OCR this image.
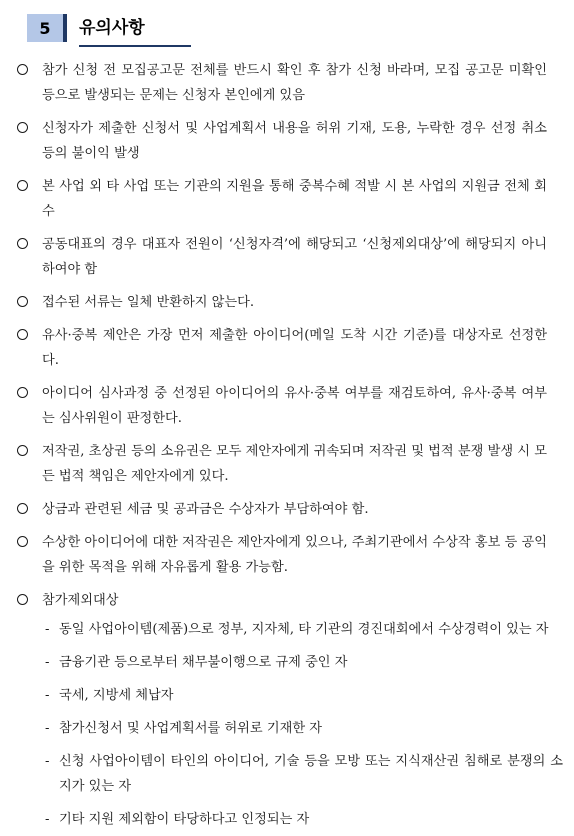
5	유의사항
참가 신청 전 모집공고문 전체를 반드시 확인 후 참가 신청 바라며, 모집 공고문 미확인 등으로 발생되는 문제는 신청자 본인에게 있음
신청자가 제출한 신청서 및 사업계획서 내용을 허위 기재, 도용, 누락한 경우 선정 취소 등의 불이익 발생
본 사업 외 타 사업 또는 기관의 지원을 통해 중복수혜 적발 시 본 사업의 지원금 전체 회수
공동대표의 경우 대표자 전원이 ‘신청자격’에 해당되고 ‘신청제외대상’에 해당되지 아니하여야 함
접수된 서류는 일체 반환하지 않는다.
유사·중복 제안은 가장 먼저 제출한 아이디어(메일 도착 시간 기준)를 대상자로 선정한다.
아이디어 심사과정 중 선정된 아이디어의 유사·중복 여부를 재검토하여, 유사·중복 여부는 심사위원이 판정한다.
저작권, 초상권 등의 소유권은 모두 제안자에게 귀속되며 저작권 및 법적 분쟁 발생 시 모든 법적 책임은 제안자에게 있다.
상금과 관련된 세금 및 공과금은 수상자가 부담하여야 함.
수상한 아이디어에 대한 저작권은 제안자에게 있으나, 주최기관에서 수상작 홍보 등 공익을 위한 목적을 위해 자유롭게 활용 가능함.
참가제외대상
- 동일 사업아이템(제품)으로 정부, 지자체, 타 기관의 경진대회에서 수상경력이 있는 자
- 금융기관 등으로부터 채무불이행으로 규제 중인 자
- 국세, 지방세 체납자
- 참가신청서 및 사업계획서를 허위로 기재한 자
- 신청 사업아이템이 타인의 아이디어, 기술 등을 모방 또는 지식재산권 침해로 분쟁의 소지가 있는 자
- 기타 지원 제외함이 타당하다고 인정되는 자
